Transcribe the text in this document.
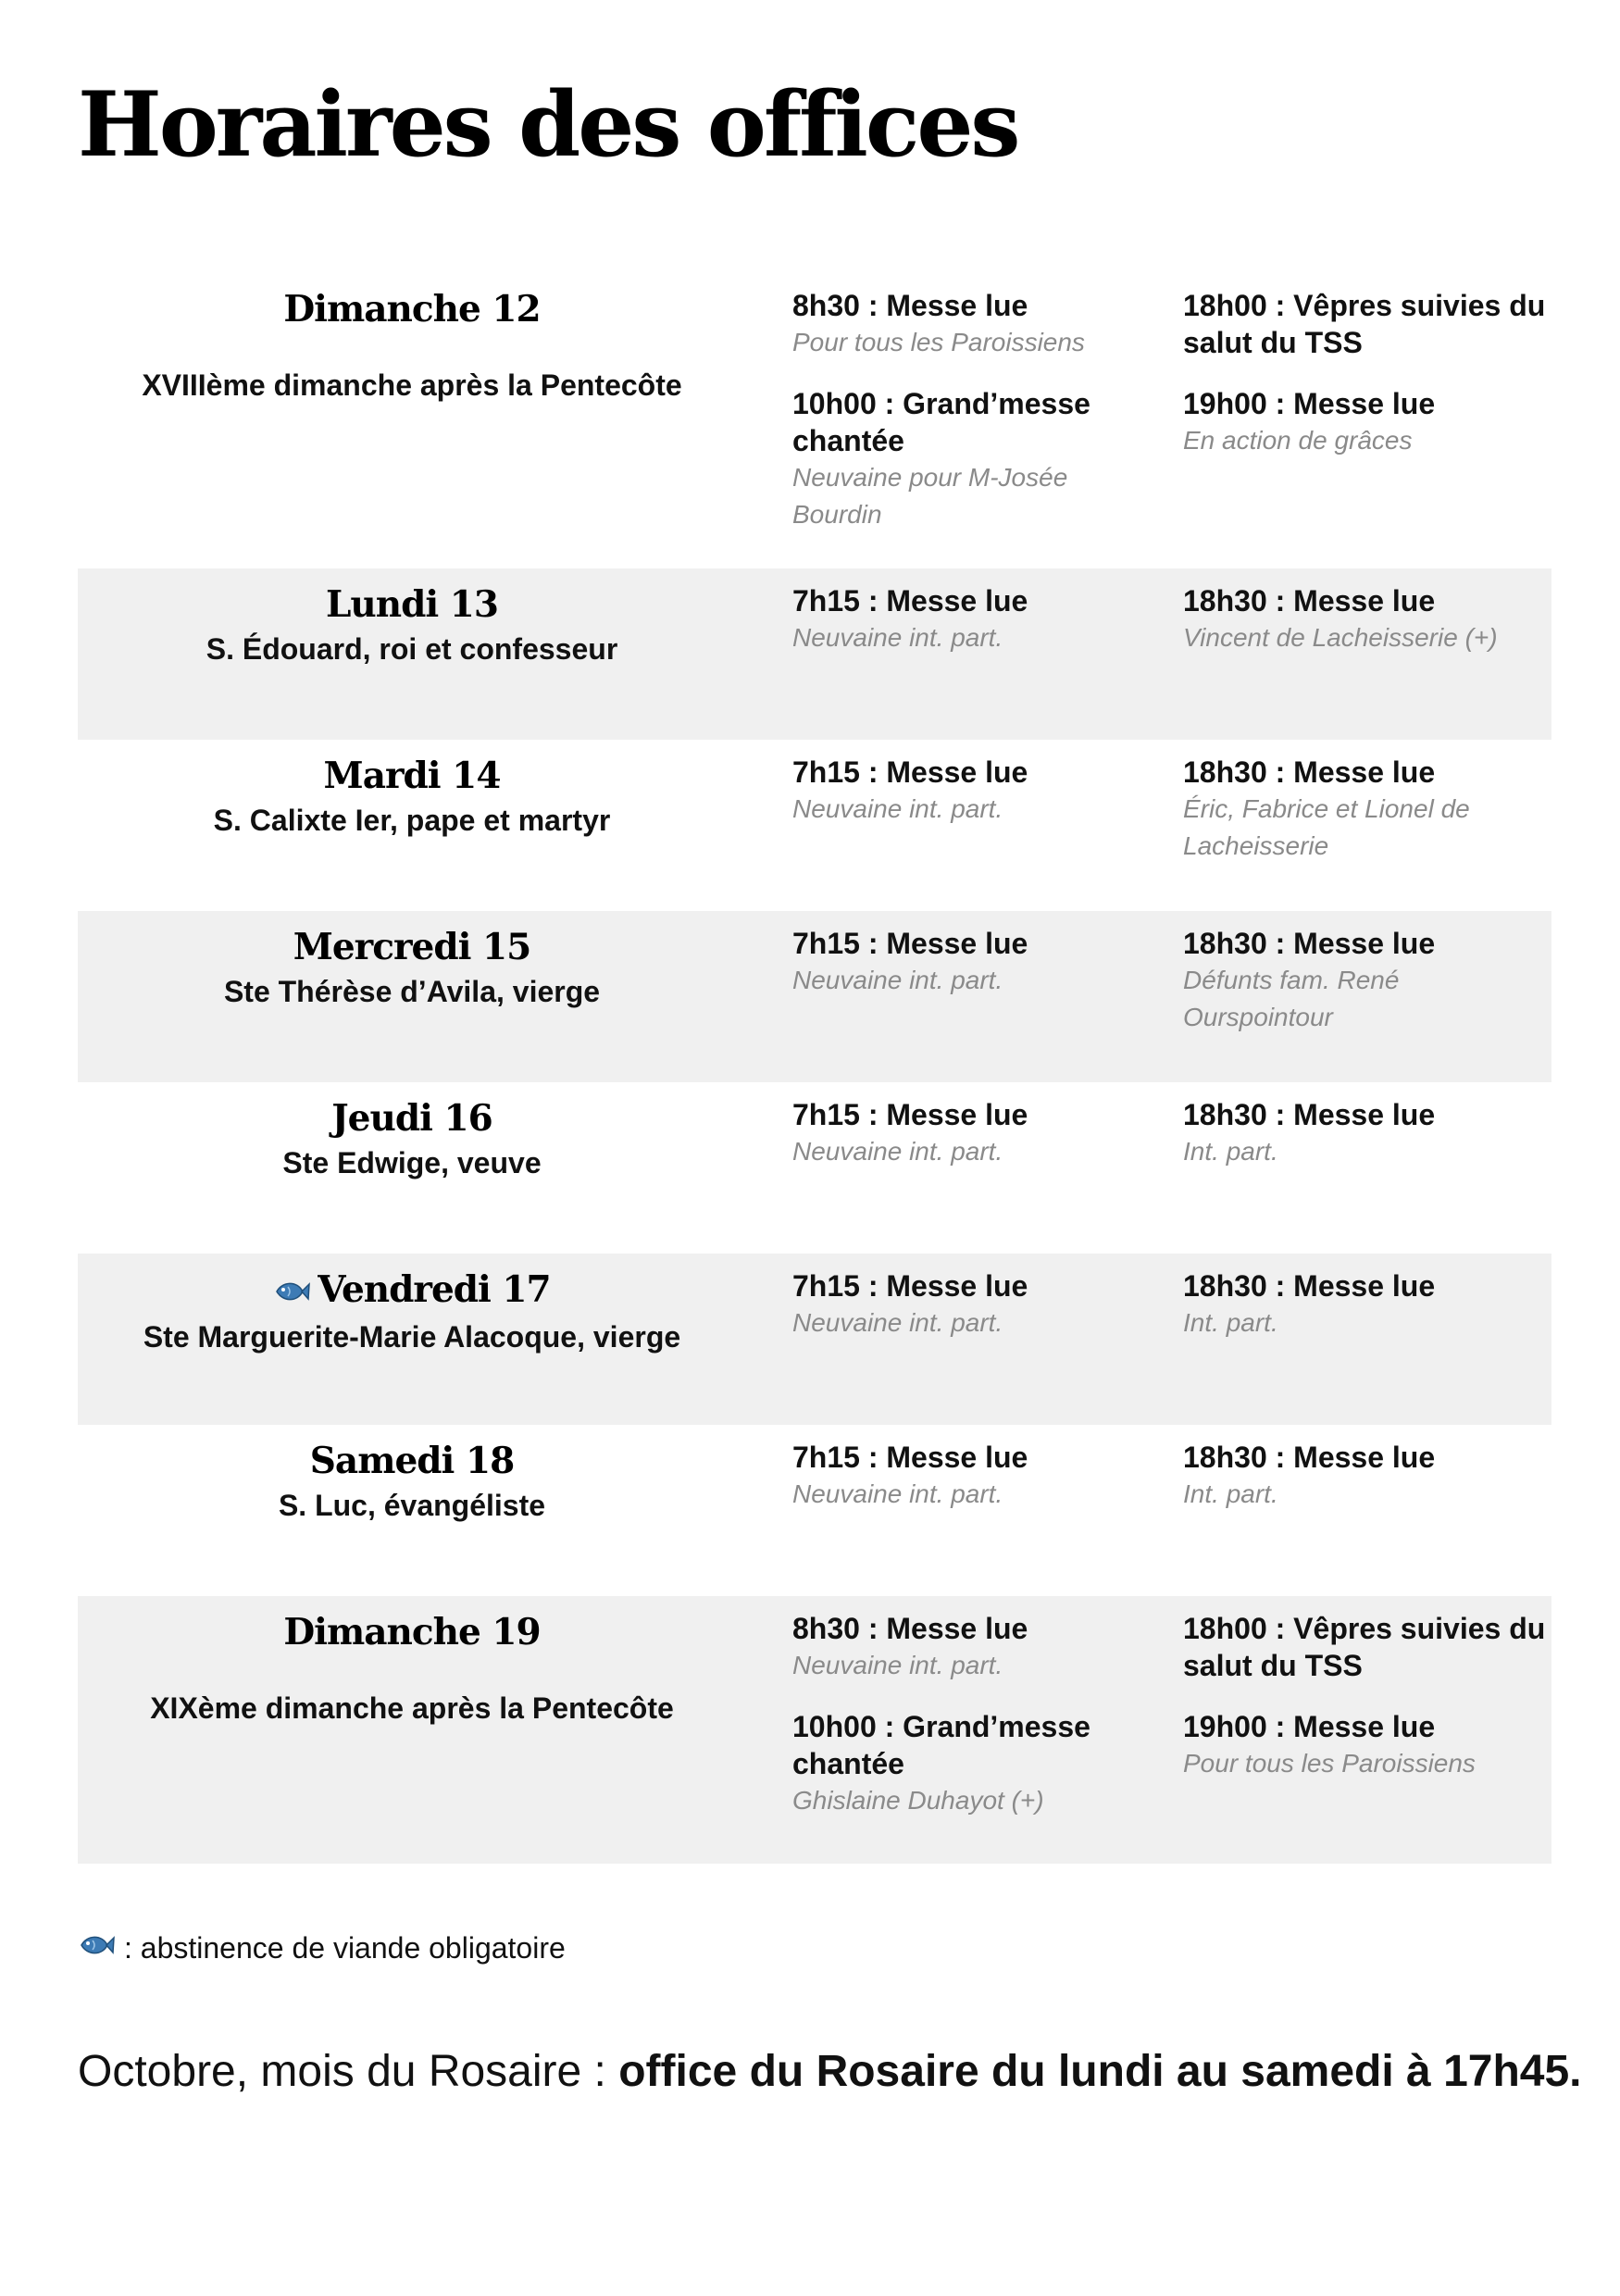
Horaires des offices
Dimanche 12
XVIIIème dimanche après la Pentecôte
8h30 : Messe lue
Pour tous les Paroissiens
10h00 : Grand’messe chantée
Neuvaine pour M-Josée Bourdin
18h00 : Vêpres suivies du salut du TSS
19h00 : Messe lue
En action de grâces
Lundi 13
S. Édouard, roi et confesseur
7h15 : Messe lue
Neuvaine int. part.
18h30 : Messe lue
Vincent de Lacheisserie (+)
Mardi 14
S. Calixte Ier, pape et martyr
7h15 : Messe lue
Neuvaine int. part.
18h30 : Messe lue
Éric, Fabrice et Lionel de Lacheisserie
Mercredi 15
Ste Thérèse d’Avila, vierge
7h15 : Messe lue
Neuvaine int. part.
18h30 : Messe lue
Défunts fam. René Ourspointour
Jeudi 16
Ste Edwige, veuve
7h15 : Messe lue
Neuvaine int. part.
18h30 : Messe lue
Int. part.
Vendredi 17
Ste Marguerite-Marie Alacoque, vierge
7h15 : Messe lue
Neuvaine int. part.
18h30 : Messe lue
Int. part.
Samedi 18
S. Luc, évangéliste
7h15 : Messe lue
Neuvaine int. part.
18h30 : Messe lue
Int. part.
Dimanche 19
XIXème dimanche après la Pentecôte
8h30 : Messe lue
Neuvaine int. part.
10h00 : Grand’messe chantée
Ghislaine Duhayot (+)
18h00 : Vêpres suivies du salut du TSS
19h00 : Messe lue
Pour tous les Paroissiens
: abstinence de viande obligatoire
Octobre, mois du Rosaire : office du Rosaire du lundi au samedi à 17h45.
